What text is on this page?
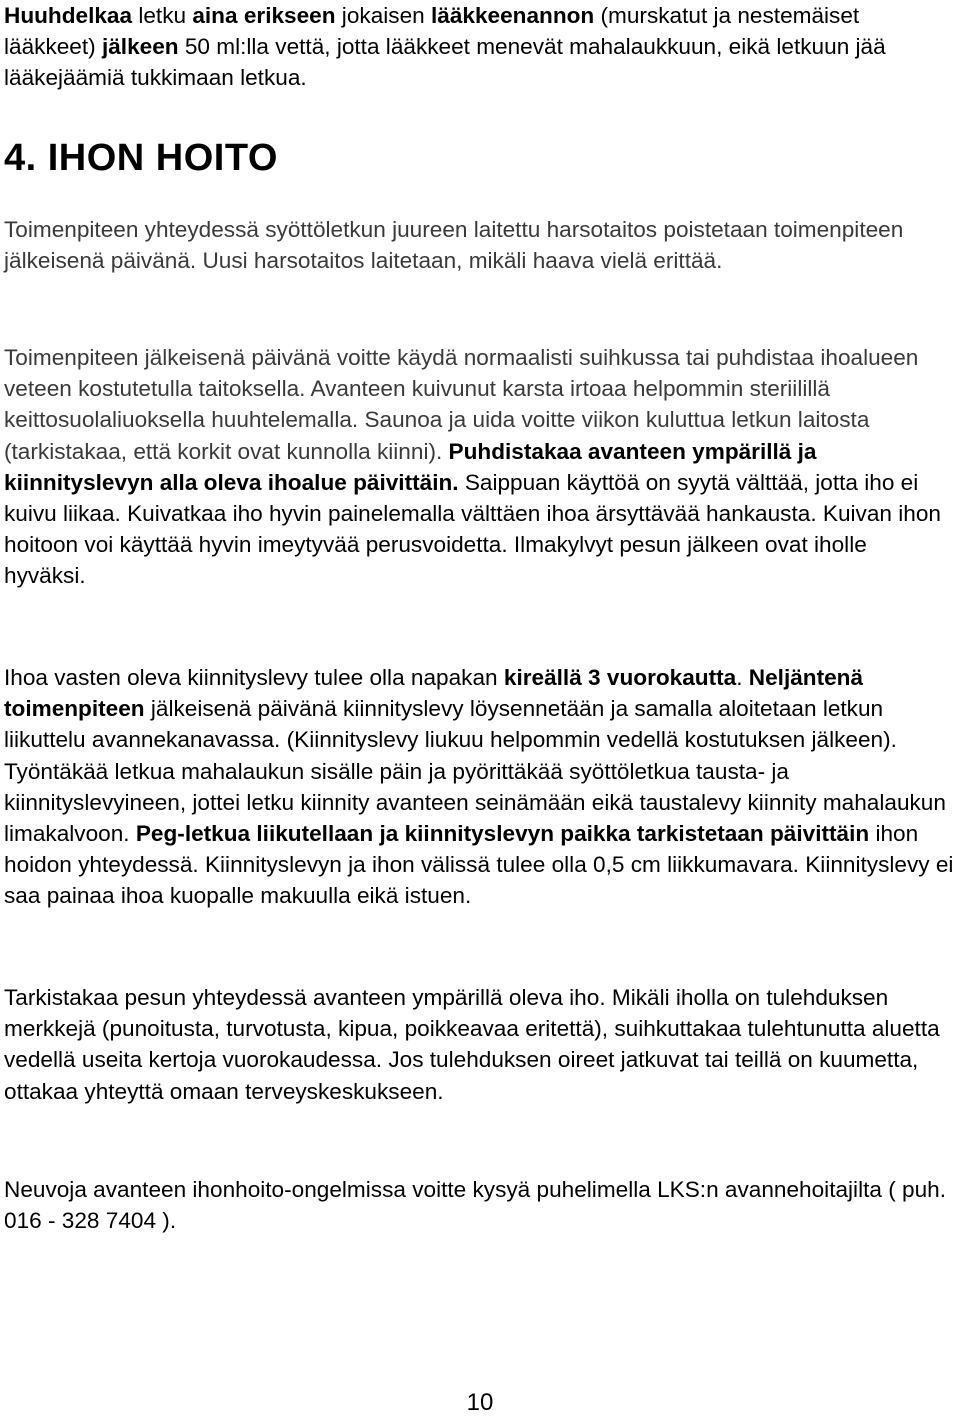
Huuhdelkaa letku aina erikseen jokaisen lääkkeenannon (murskatut ja nestemäiset lääkkeet) jälkeen 50 ml:lla vettä, jotta lääkkeet menevät mahalaukkuun, eikä letkuun jää lääkejäämiä tukkimaan letkua.

4. IHON HOITO

Toimenpiteen yhteydessä syöttöletkun juureen laitettu harsotaitos poistetaan toimenpiteen jälkeisenä päivänä. Uusi harsotaitos laitetaan, mikäli haava vielä erittää.

Toimenpiteen jälkeisenä päivänä voitte käydä normaalisti suihkussa tai puhdistaa ihoalueen veteen kostutetulla taitoksella. Avanteen kuivunut karsta irtoaa helpommin steriilillä keittosuolaliuoksella huuhtelemalla. Saunoa ja uida voitte viikon kuluttua letkun laitosta (tarkistakaa, että korkit ovat kunnolla kiinni). Puhdistakaa avanteen ympärillä ja kiinnityslevyn alla oleva ihoalue päivittäin. Saippuan käyttöä on syytä välttää, jotta iho ei kuivu liikaa. Kuivatkaa iho hyvin painelemalla välttäen ihoa ärsyttävää hankausta. Kuivan ihon hoitoon voi käyttää hyvin imeytyvää perusvoidetta. Ilmakylvyt pesun jälkeen ovat iholle hyväksi.

Ihoa vasten oleva kiinnityslevy tulee olla napakan kireällä 3 vuorokautta. Neljäntenä toimenpiteen jälkeisenä päivänä kiinnityslevy löysennetään ja samalla aloitetaan letkun liikuttelu avannekanavassa. (Kiinnityslevy liukuu helpommin vedellä kostutuksen jälkeen). Työntäkää letkua mahalaukun sisälle päin ja pyörittäkää syöttöletkua tausta- ja kiinnityslevyineen, jottei letku kiinnity avanteen seinämään eikä taustalevy kiinnity mahalaukun limakalvoon. Peg-letkua liikutellaan ja kiinnityslevyn paikka tarkistetaan päivittäin ihon hoidon yhteydessä. Kiinnityslevyn ja ihon välissä tulee olla 0,5 cm liikkumavara. Kiinnityslevy ei saa painaa ihoa kuopalle makuulla eikä istuen.

Tarkistakaa pesun yhteydessä avanteen ympärillä oleva iho. Mikäli iholla on tulehduksen merkkejä (punoitusta, turvotusta, kipua, poikkeavaa eritettä), suihkuttakaa tulehtunutta aluetta vedellä useita kertoja vuorokaudessa. Jos tulehduksen oireet jatkuvat tai teillä on kuumetta, ottakaa yhteyttä omaan terveyskeskukseen.

Neuvoja avanteen ihonhoito-ongelmissa voitte kysyä puhelimella LKS:n avannehoitajilta ( puh. 016 - 328 7404 ).

10
